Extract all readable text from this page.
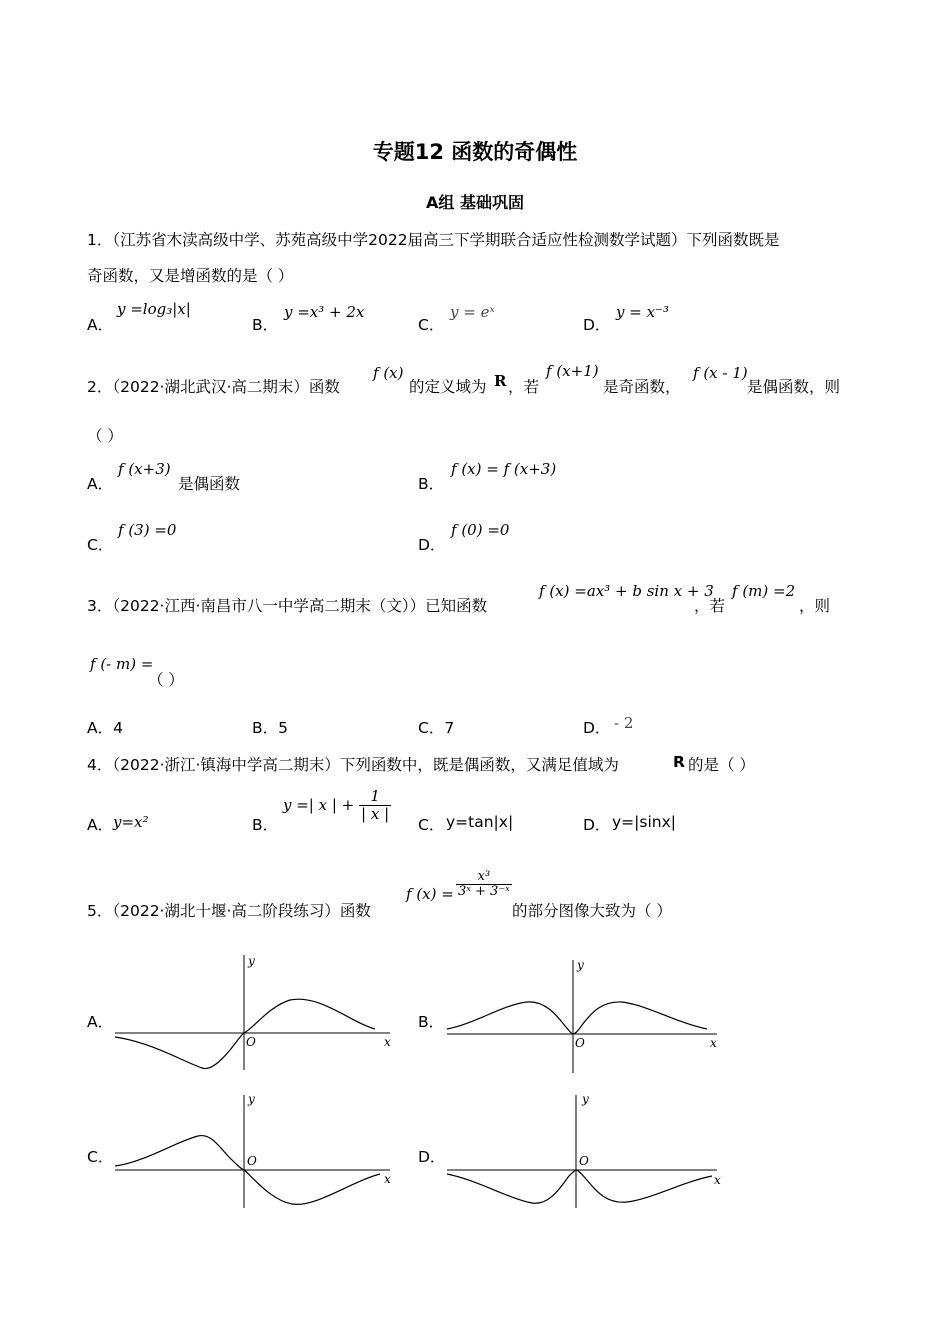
专题12 函数的奇偶性
A组 基础巩固
1．（江苏省木渎高级中学、苏苑高级中学2022届高三下学期联合适应性检测数学试题）下列函数既是
奇函数，又是增函数的是（ ）
A．
y =log₃|x|
B．
y =x³ + 2x
C．
y = eˣ
D．
y = x⁻³
2．（2022·湖北武汉·高二期末）函数
f (x)
的定义域为 R ，若
f (x+1)
是奇函数，
f (x - 1)
是偶函数，则
（ ）
A．
f (x+3)
是偶函数	B．
f (x) = f (x+3)
C．
f (3) =0
D．
f (0) =0
3．（2022·江西·南昌市八一中学高二期末（文））已知函数
f (x) =ax³ + b sin x + 3
，若
f (m) =2
，则
f (- m) =
（ ）
A．4	B．5	C．7	D． - 2
4．（2022·浙江·镇海中学高二期末）下列函数中，既是偶函数，又满足值域为	R 的是（ ）
A． y=x²	B．
y =| x | + $\frac{1}{| x |}$
C． y=tan|x|	D． y=|sinx|
5．（2022·湖北十堰·高二阶段练习）函数
f $(x) = \frac{\text{x³}}{\text{3ˣ + 3⁻ˣ}}$
的部分图像大致为（ ）
A．	B．
C．	D．
y
x
O
y
x
O
y
x
O
y
x
O
